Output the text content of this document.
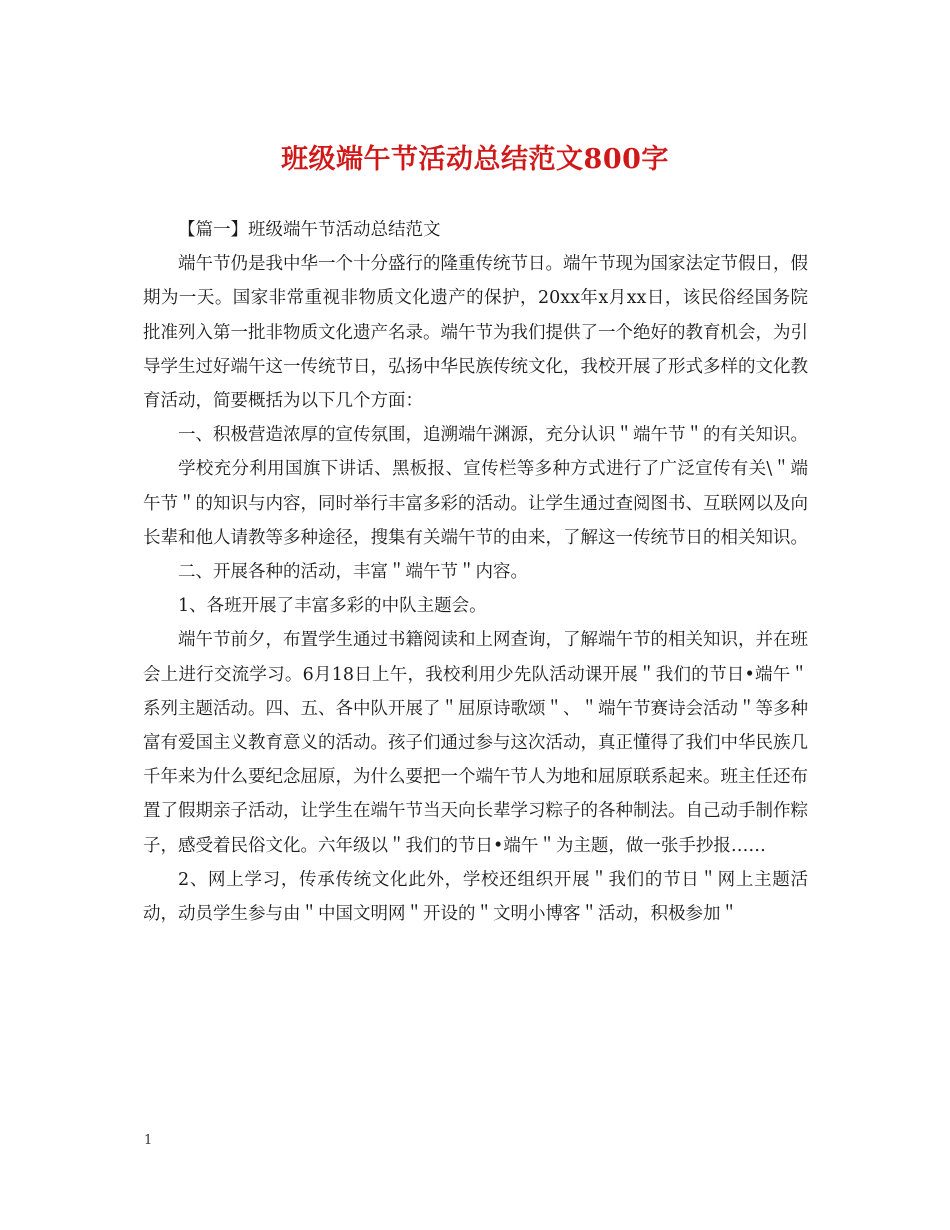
班级端午节活动总结范文800字

【篇一】班级端午节活动总结范文

端午节仍是我中华一个十分盛行的隆重传统节日。端午节现为国家法定节假日，假期为一天。国家非常重视非物质文化遗产的保护，20xx年x月xx日，该民俗经国务院批准列入第一批非物质文化遗产名录。端午节为我们提供了一个绝好的教育机会，为引导学生过好端午这一传统节日，弘扬中华民族传统文化，我校开展了形式多样的文化教育活动，简要概括为以下几个方面：

一、积极营造浓厚的宣传氛围，追溯端午渊源，充分认识＂端午节＂的有关知识。

学校充分利用国旗下讲话、黑板报、宣传栏等多种方式进行了广泛宣传有关\＂端午节＂的知识与内容，同时举行丰富多彩的活动。让学生通过查阅图书、互联网以及向长辈和他人请教等多种途径，搜集有关端午节的由来，了解这一传统节日的相关知识。

二、开展各种的活动，丰富＂端午节＂内容。

1、各班开展了丰富多彩的中队主题会。

端午节前夕，布置学生通过书籍阅读和上网查询，了解端午节的相关知识，并在班会上进行交流学习。6月18日上午，我校利用少先队活动课开展＂我们的节日•端午＂系列主题活动。四、五、各中队开展了＂屈原诗歌颂＂、＂端午节赛诗会活动＂等多种富有爱国主义教育意义的活动。孩子们通过参与这次活动，真正懂得了我们中华民族几千年来为什么要纪念屈原，为什么要把一个端午节人为地和屈原联系起来。班主任还布置了假期亲子活动，让学生在端午节当天向长辈学习粽子的各种制法。自己动手制作粽子，感受着民俗文化。六年级以＂我们的节日•端午＂为主题，做一张手抄报……

2、网上学习，传承传统文化此外，学校还组织开展＂我们的节日＂网上主题活动，动员学生参与由＂中国文明网＂开设的＂文明小博客＂活动，积极参加＂

1
